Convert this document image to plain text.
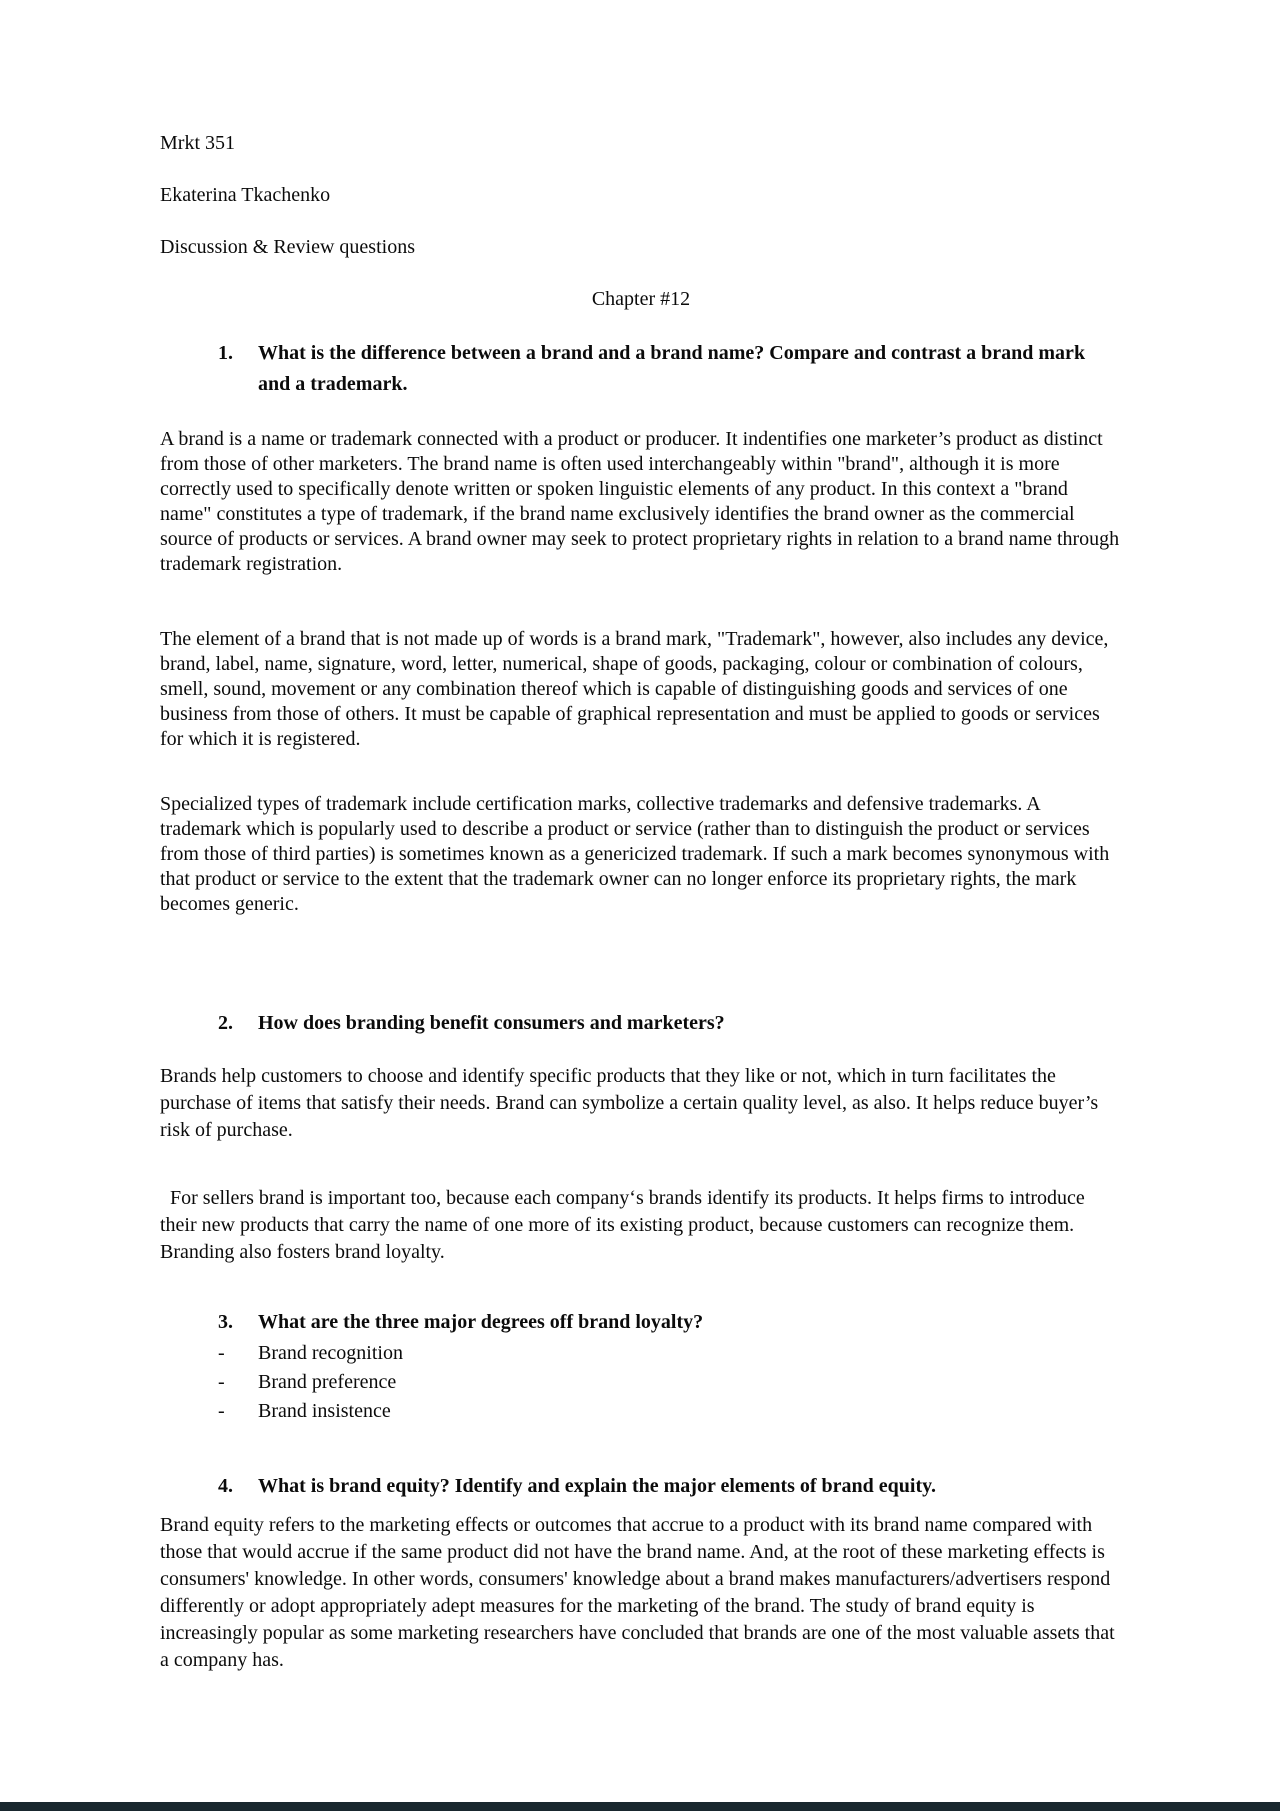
Mrkt 351

Ekaterina Tkachenko

Discussion & Review questions

Chapter #12

1.	What is the difference between a brand and a brand name? Compare and contrast a brand mark and a trademark.

A brand is a name or trademark connected with a product or producer. It indentifies one marketer’s product as distinct from those of other marketers. The brand name is often used interchangeably within "brand", although it is more correctly used to specifically denote written or spoken linguistic elements of any product. In this context a "brand name" constitutes a type of trademark, if the brand name exclusively identifies the brand owner as the commercial source of products or services. A brand owner may seek to protect proprietary rights in relation to a brand name through trademark registration.

The element of a brand that is not made up of words is a brand mark, "Trademark", however, also includes any device, brand, label, name, signature, word, letter, numerical, shape of goods, packaging, colour or combination of colours, smell, sound, movement or any combination thereof which is capable of distinguishing goods and services of one business from those of others. It must be capable of graphical representation and must be applied to goods or services for which it is registered.

Specialized types of trademark include certification marks, collective trademarks and defensive trademarks. A trademark which is popularly used to describe a product or service (rather than to distinguish the product or services from those of third parties) is sometimes known as a genericized trademark. If such a mark becomes synonymous with that product or service to the extent that the trademark owner can no longer enforce its proprietary rights, the mark becomes generic.

2.	How does branding benefit consumers and marketers?

Brands help customers to choose and identify specific products that they like or not, which in turn facilitates the purchase of items that satisfy their needs. Brand can symbolize a certain quality level, as also. It helps reduce buyer’s risk of purchase.

For sellers brand is important too, because each company‘s brands identify its products. It helps firms to introduce their new products that carry the name of one more of its existing product, because customers can recognize them. Branding also fosters brand loyalty.

3.	What are the three major degrees off brand loyalty?
-	Brand recognition
-	Brand preference
-	Brand insistence
4.	What is brand equity? Identify and explain the major elements of brand equity.

Brand equity refers to the marketing effects or outcomes that accrue to a product with its brand name compared with those that would accrue if the same product did not have the brand name. And, at the root of these marketing effects is consumers' knowledge. In other words, consumers' knowledge about a brand makes manufacturers/advertisers respond differently or adopt appropriately adept measures for the marketing of the brand. The study of brand equity is increasingly popular as some marketing researchers have concluded that brands are one of the most valuable assets that a company has.
